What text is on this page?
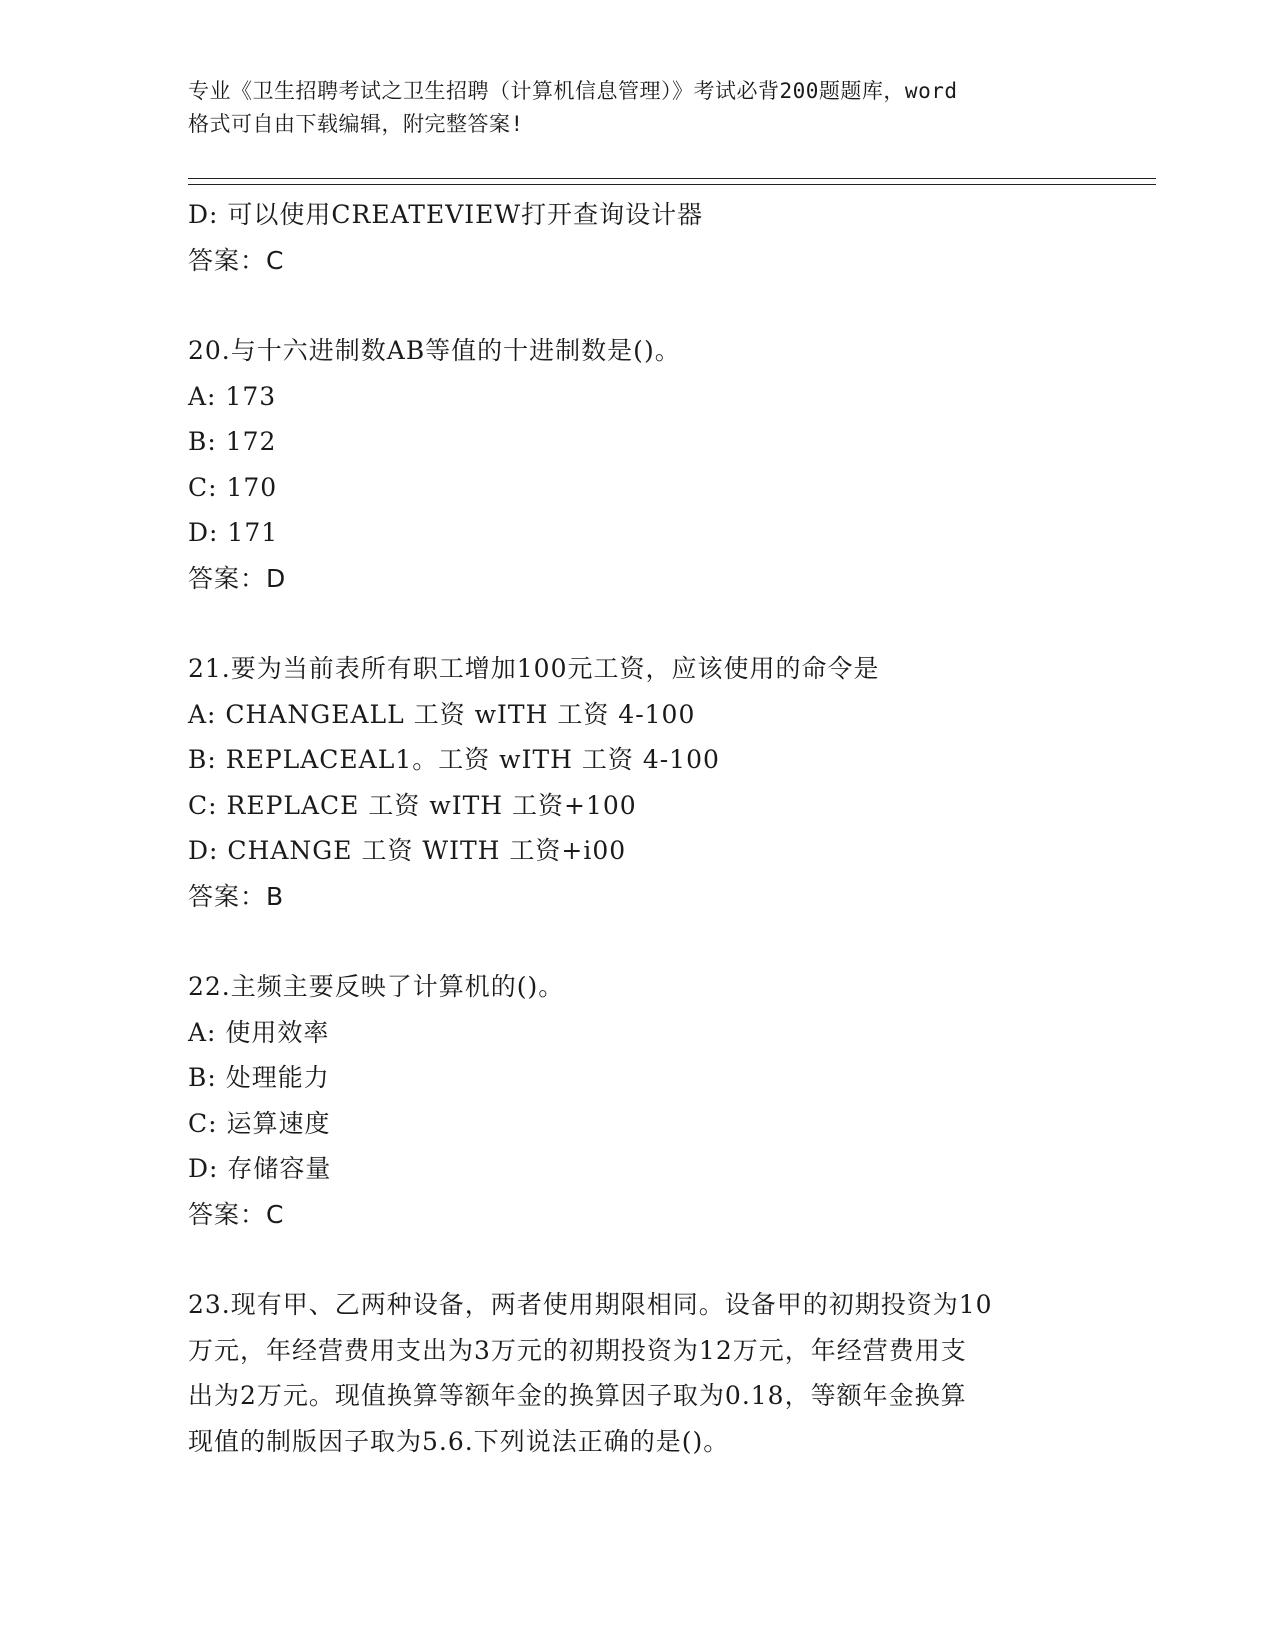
专业《卫生招聘考试之卫生招聘（计算机信息管理）》考试必背200题题库，word
格式可自由下载编辑，附完整答案!
D: 可以使用CREATEVIEW打开查询设计器
答案：C
20.与十六进制数AB等值的十进制数是()。
A: 173
B: 172
C: 170
D: 171
答案：D
21.要为当前表所有职工增加100元工资，应该使用的命令是
A: CHANGEALL 工资 wITH 工资 4-100
B: REPLACEAL1。工资 wITH 工资 4-100
C: REPLACE 工资 wITH 工资+100
D: CHANGE 工资 WITH 工资+i00
答案：B
22.主频主要反映了计算机的()。
A: 使用效率
B: 处理能力
C: 运算速度
D: 存储容量
答案：C
23.现有甲、乙两种设备，两者使用期限相同。设备甲的初期投资为10
万元，年经营费用支出为3万元的初期投资为12万元，年经营费用支
出为2万元。现值换算等额年金的换算因子取为0.18，等额年金换算
现值的制版因子取为5.6.下列说法正确的是()。
